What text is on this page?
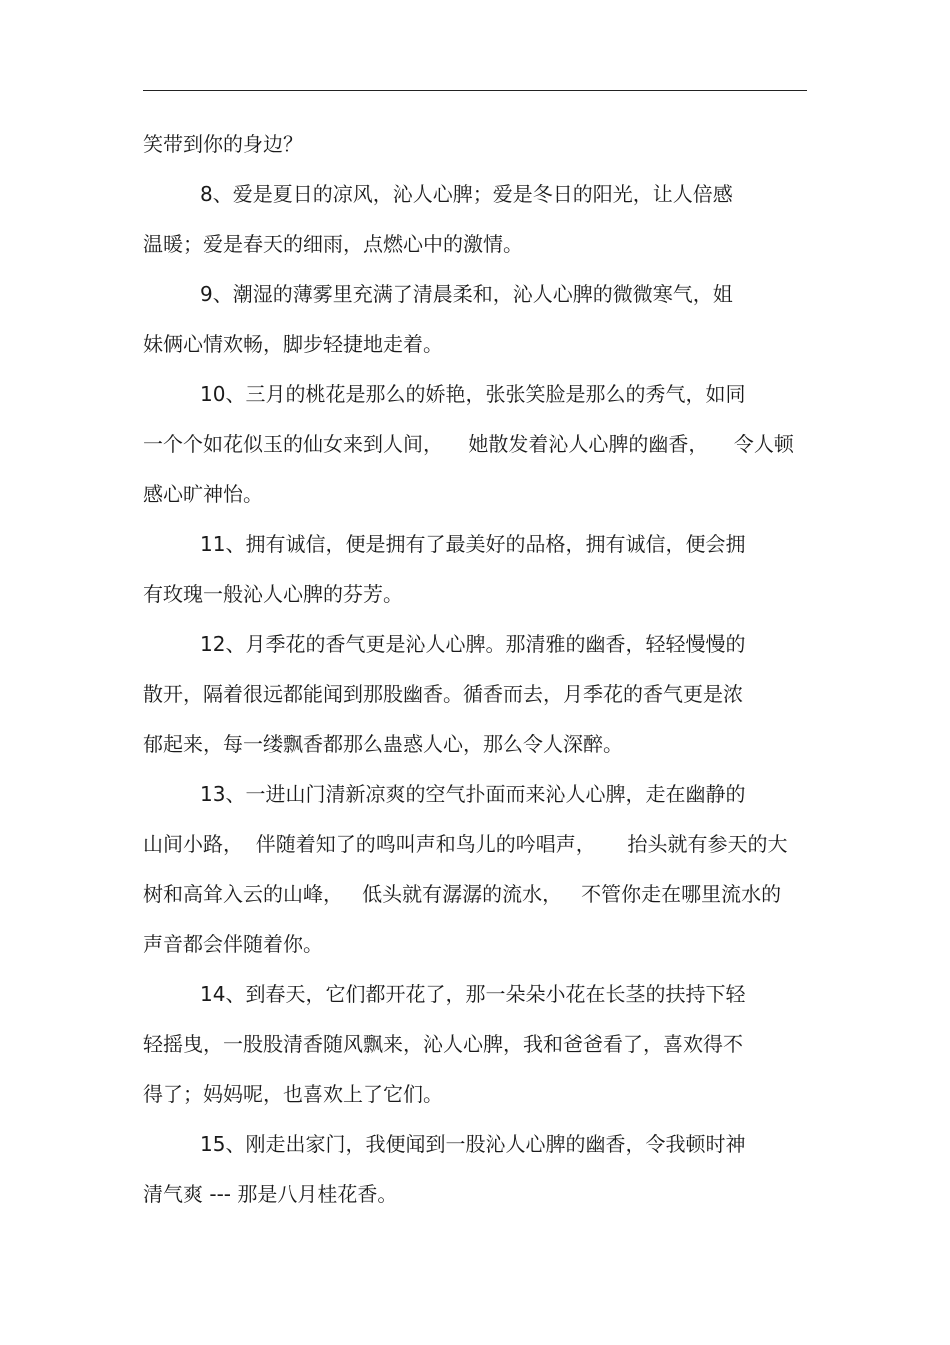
笑带到你的身边？
8、爱是夏日的凉风，沁人心脾；爱是冬日的阳光，让人倍感
温暖；爱是春天的细雨，点燃心中的激情。
9、潮湿的薄雾里充满了清晨柔和，沁人心脾的微微寒气，姐
妹俩心情欢畅，脚步轻捷地走着。
10、三月的桃花是那么的娇艳，张张笑脸是那么的秀气，如同
一个个如花似玉的仙女来到人间，    她散发着沁人心脾的幽香，    令人顿
感心旷神怡。
11、拥有诚信，便是拥有了最美好的品格，拥有诚信，便会拥
有玫瑰一般沁人心脾的芬芳。
12、月季花的香气更是沁人心脾。那清雅的幽香，轻轻慢慢的
散开，隔着很远都能闻到那股幽香。循香而去，月季花的香气更是浓
郁起来，每一缕飘香都那么蛊惑人心，那么令人深醉。
13、一进山门清新凉爽的空气扑面而来沁人心脾，走在幽静的
山间小路，  伴随着知了的鸣叫声和鸟儿的吟唱声，     抬头就有参天的大
树和高耸入云的山峰，   低头就有潺潺的流水，   不管你走在哪里流水的
声音都会伴随着你。
14、到春天，它们都开花了，那一朵朵小花在长茎的扶持下轻
轻摇曳，一股股清香随风飘来，沁人心脾，我和爸爸看了，喜欢得不
得了；妈妈呢，也喜欢上了它们。
15、刚走出家门，我便闻到一股沁人心脾的幽香，令我顿时神
清气爽 --- 那是八月桂花香。
